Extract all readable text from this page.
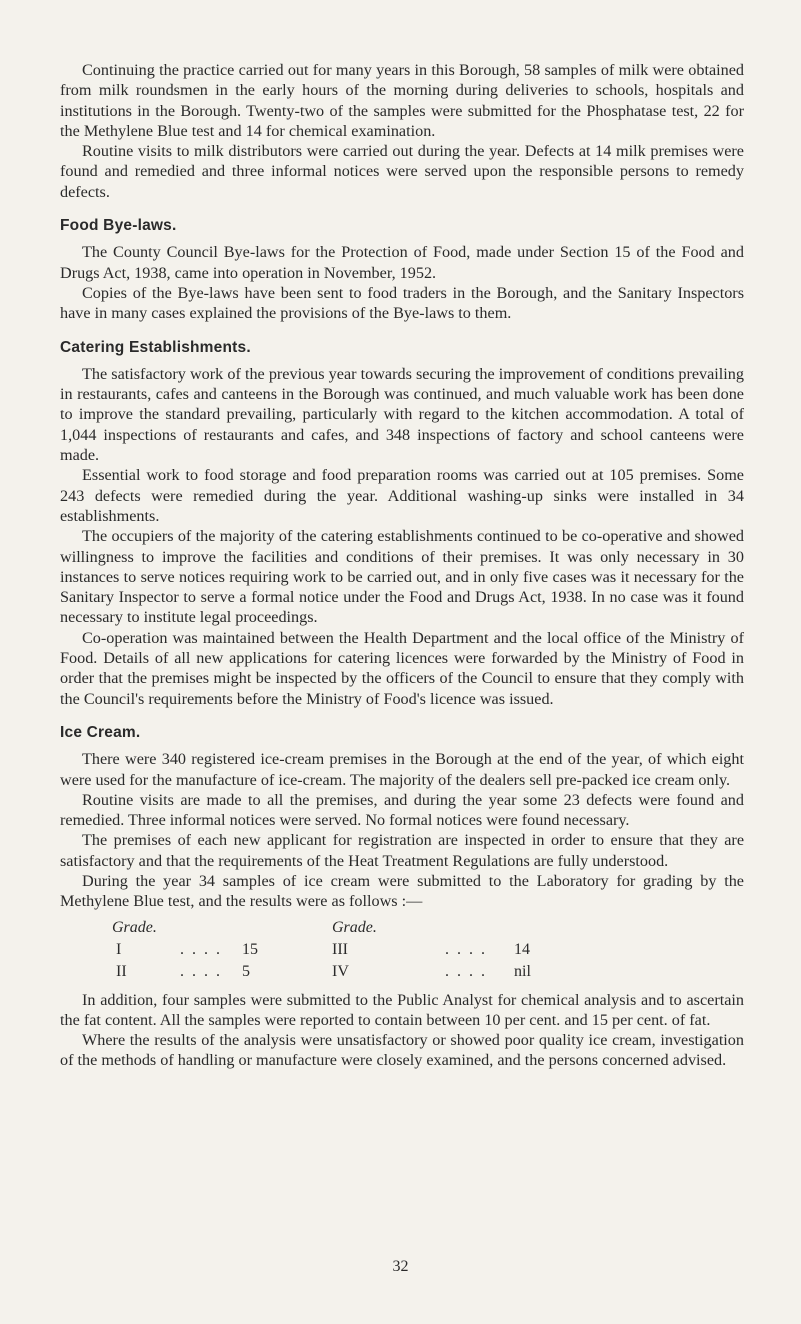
Continuing the practice carried out for many years in this Borough, 58 samples of milk were obtained from milk roundsmen in the early hours of the morning during deliveries to schools, hospitals and institutions in the Borough. Twenty-two of the samples were submitted for the Phosphatase test, 22 for the Methylene Blue test and 14 for chemical examination.

Routine visits to milk distributors were carried out during the year. Defects at 14 milk premises were found and remedied and three informal notices were served upon the responsible persons to remedy defects.

Food Bye-laws.

The County Council Bye-laws for the Protection of Food, made under Section 15 of the Food and Drugs Act, 1938, came into operation in November, 1952.

Copies of the Bye-laws have been sent to food traders in the Borough, and the Sanitary Inspectors have in many cases explained the provisions of the Bye-laws to them.

Catering Establishments.

The satisfactory work of the previous year towards securing the improvement of conditions prevailing in restaurants, cafes and canteens in the Borough was continued, and much valuable work has been done to improve the standard prevailing, particularly with regard to the kitchen accommodation. A total of 1,044 inspections of restaurants and cafes, and 348 inspections of factory and school canteens were made.

Essential work to food storage and food preparation rooms was carried out at 105 premises. Some 243 defects were remedied during the year. Additional washing-up sinks were installed in 34 establishments.

The occupiers of the majority of the catering establishments continued to be co-operative and showed willingness to improve the facilities and conditions of their premises. It was only necessary in 30 instances to serve notices requiring work to be carried out, and in only five cases was it necessary for the Sanitary Inspector to serve a formal notice under the Food and Drugs Act, 1938. In no case was it found necessary to institute legal proceedings.

Co-operation was maintained between the Health Department and the local office of the Ministry of Food. Details of all new applications for catering licences were forwarded by the Ministry of Food in order that the premises might be inspected by the officers of the Council to ensure that they comply with the Council's requirements before the Ministry of Food's licence was issued.

Ice Cream.

There were 340 registered ice-cream premises in the Borough at the end of the year, of which eight were used for the manufacture of ice-cream. The majority of the dealers sell pre-packed ice cream only.

Routine visits are made to all the premises, and during the year some 23 defects were found and remedied. Three informal notices were served. No formal notices were found necessary.

The premises of each new applicant for registration are inspected in order to ensure that they are satisfactory and that the requirements of the Heat Treatment Regulations are fully understood.

During the year 34 samples of ice cream were submitted to the Laboratory for grading by the Methylene Blue test, and the results were as follows :—

Grade.	Grade.
I	. . . .	15	III	. . . .	14
II	. . . .	5	IV	. . . .	nil

In addition, four samples were submitted to the Public Analyst for chemical analysis and to ascertain the fat content. All the samples were reported to contain between 10 per cent. and 15 per cent. of fat.

Where the results of the analysis were unsatisfactory or showed poor quality ice cream, investigation of the methods of handling or manufacture were closely examined, and the persons concerned advised.

32
